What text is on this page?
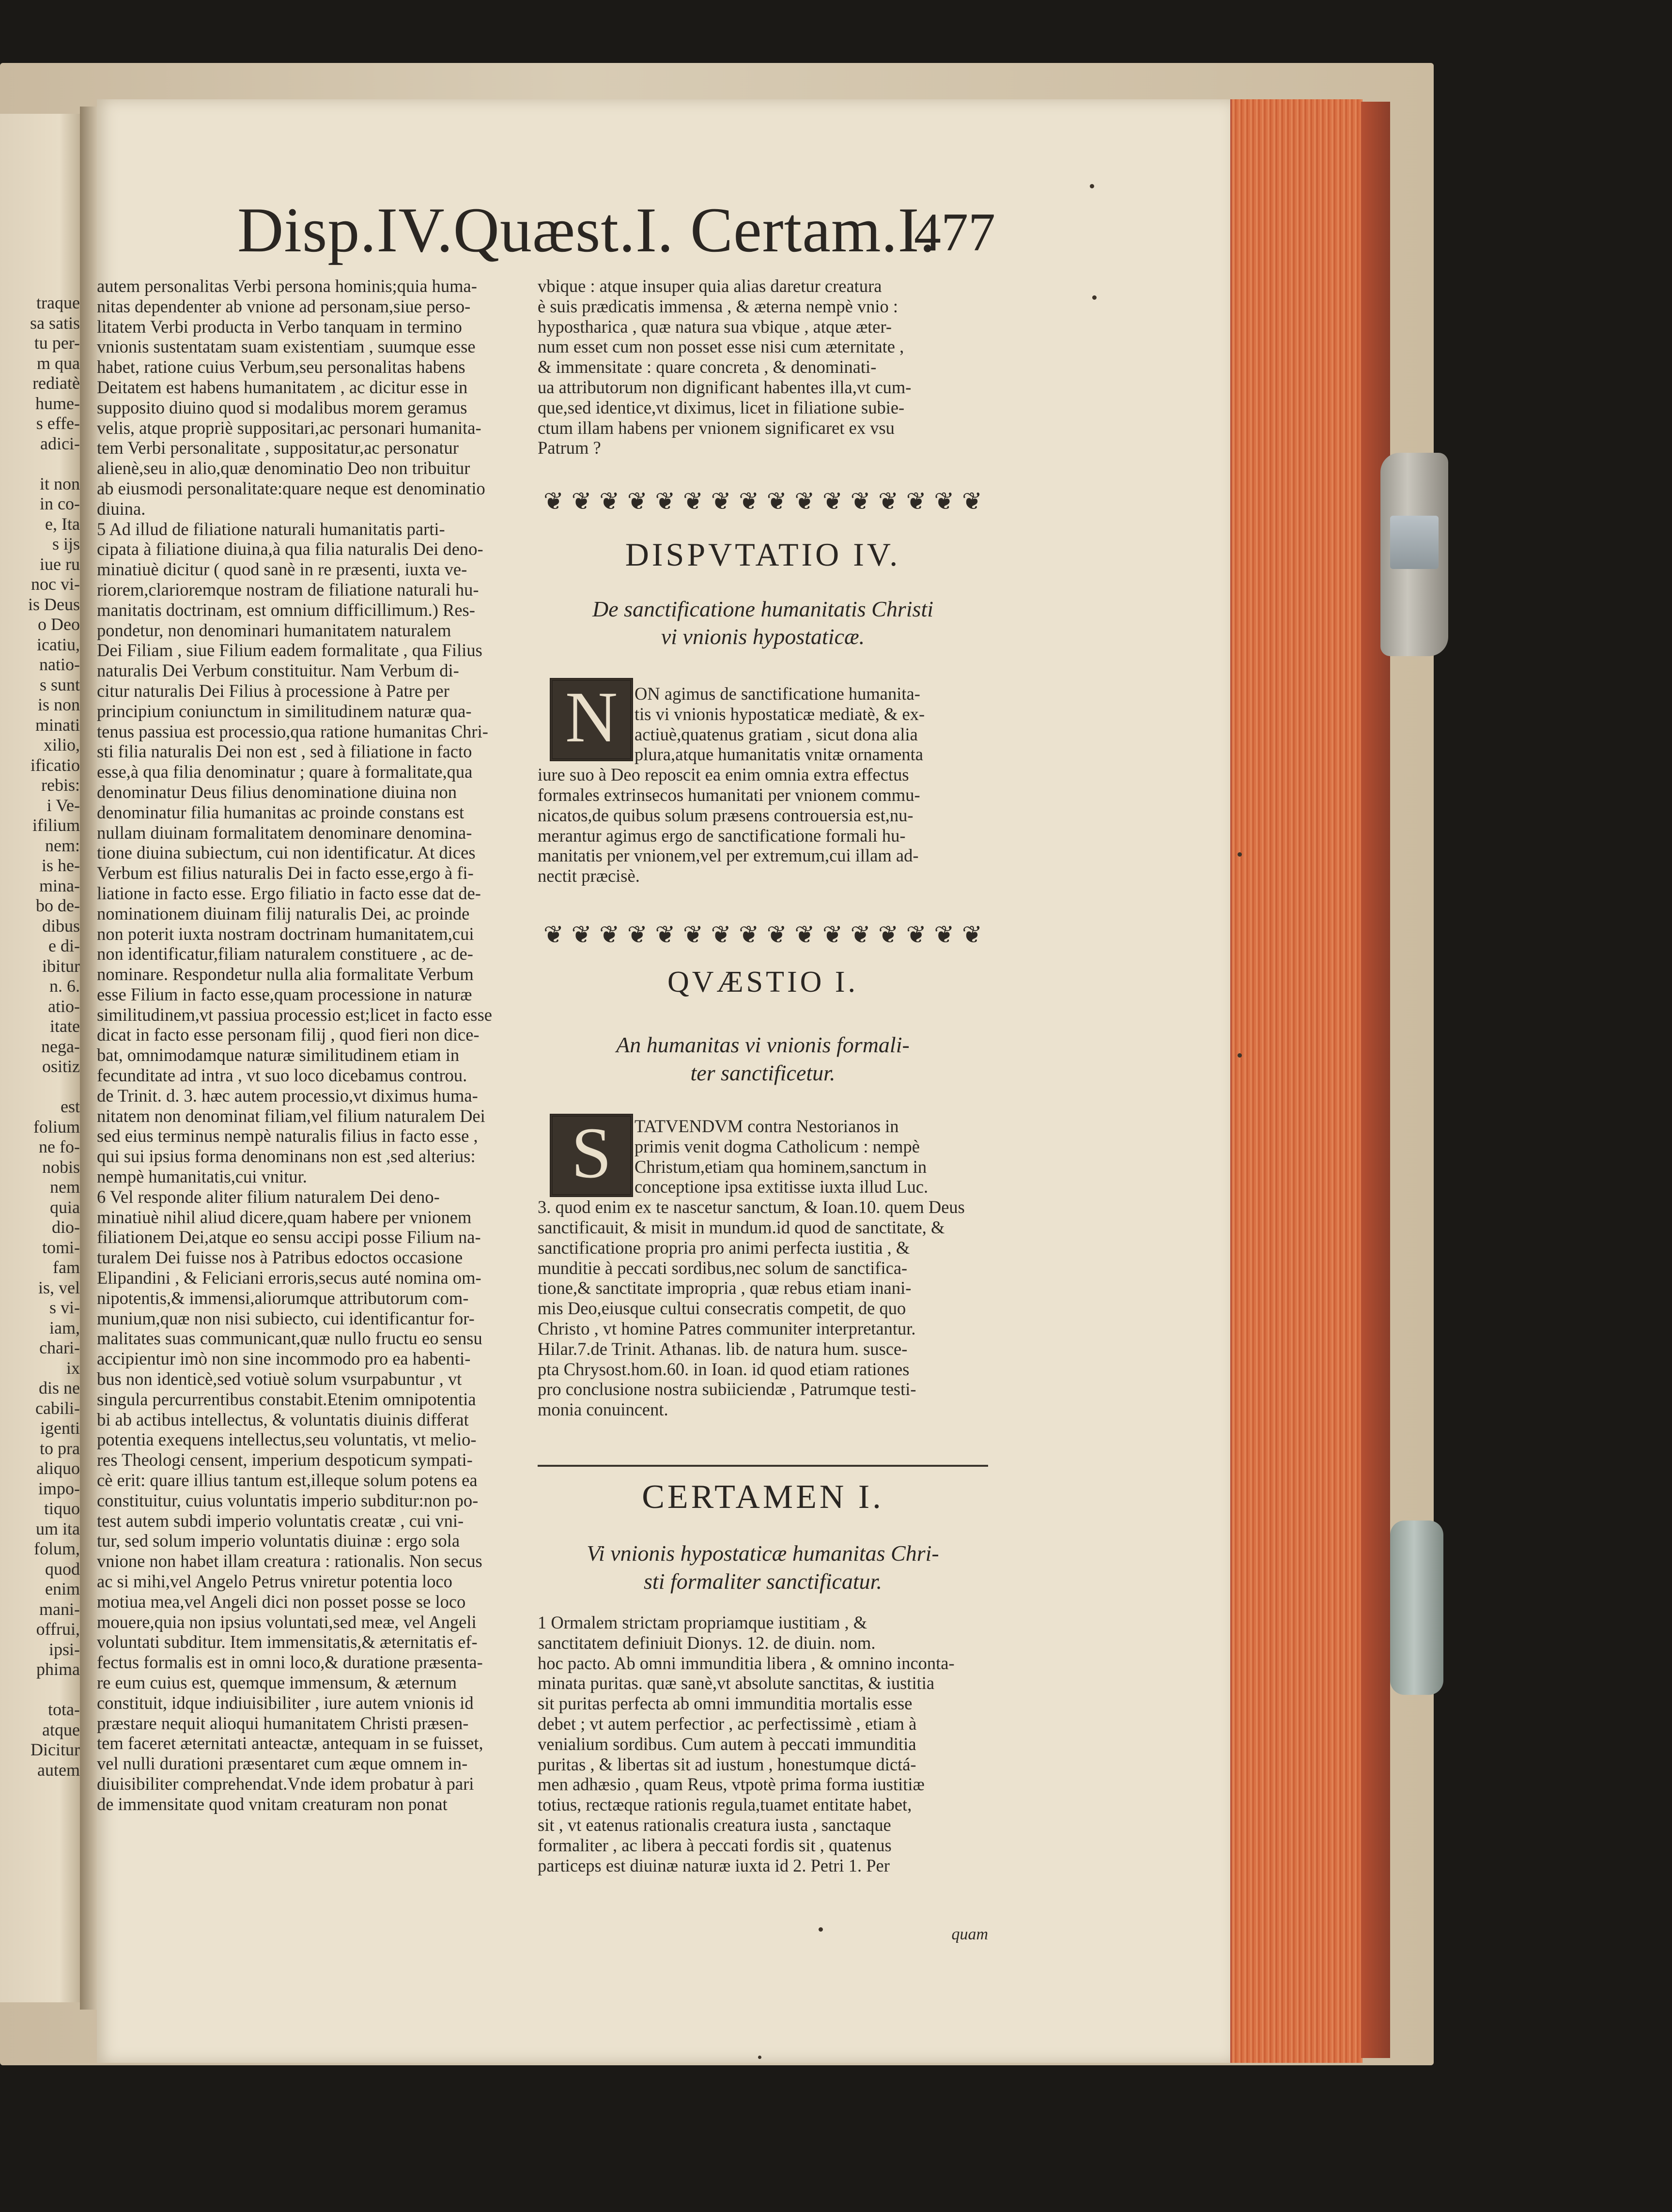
traque
sa satis
tu per-
m qua
rediatè
hume-
s effe-
adici-
it non
in co-
e, Ita
s ijs
iue ru
noc vi-
is Deus
o Deo
icatiu,
natio-
s sunt
is non
minati
xilio,
ificatio
rebis:
i Ve-
ifilium
nem:
is he-
mina-
bo de-
dibus
e di-
ibitur
n. 6.
atio-
itate
nega-
ositiz
est
folium
ne fo-
nobis
nem
quia
dio-
tomi-
fam
is, vel
s vi-
iam,
chari-
ix
dis ne
cabili-
igenti
to pra
aliquo
impo-
tiquo
um ita
folum,
quod
enim
mani-
offrui,
ipsi-
phima
tota-
atque
Dicitur
autem
Disp.IV.Quæst.I. Certam.I.
477
autem personalitas Verbi persona hominis;quia huma-
nitas dependenter ab vnione ad personam,siue perso-
litatem Verbi producta in Verbo tanquam in termino
vnionis sustentatam suam existentiam , suumque esse
habet, ratione cuius Verbum,seu personalitas habens
Deitatem est habens humanitatem , ac dicitur esse in
supposito diuino quod si modalibus morem geramus
velis, atque propriè suppositari,ac personari humanita-
tem Verbi personalitate , suppositatur,ac personatur
alienè,seu in alio,quæ denominatio Deo non tribuitur
ab eiusmodi personalitate:quare neque est denominatio
diuina.
5 Ad illud de filiatione naturali humanitatis parti-
cipata à filiatione diuina,à qua filia naturalis Dei deno-
minatiuè dicitur ( quod sanè in re præsenti, iuxta ve-
riorem,clarioremque nostram de filiatione naturali hu-
manitatis doctrinam, est omnium difficillimum.) Res-
pondetur, non denominari humanitatem naturalem
Dei Filiam , siue Filium eadem formalitate , qua Filius
naturalis Dei Verbum constituitur. Nam Verbum di-
citur naturalis Dei Filius à processione à Patre per
principium coniunctum in similitudinem naturæ qua-
tenus passiua est processio,qua ratione humanitas Chri-
sti filia naturalis Dei non est , sed à filiatione in facto
esse,à qua filia denominatur ; quare à formalitate,qua
denominatur Deus filius denominatione diuina non
denominatur filia humanitas ac proinde constans est
nullam diuinam formalitatem denominare denomina-
tione diuina subiectum, cui non identificatur. At dices
Verbum est filius naturalis Dei in facto esse,ergo à fi-
liatione in facto esse. Ergo filiatio in facto esse dat de-
nominationem diuinam filij naturalis Dei, ac proinde
non poterit iuxta nostram doctrinam humanitatem,cui
non identificatur,filiam naturalem constituere , ac de-
nominare. Respondetur nulla alia formalitate Verbum
esse Filium in facto esse,quam processione in naturæ
similitudinem,vt passiua processio est;licet in facto esse
dicat in facto esse personam filij , quod fieri non dice-
bat, omnimodamque naturæ similitudinem etiam in
fecunditate ad intra , vt suo loco dicebamus controu.
de Trinit. d. 3. hæc autem processio,vt diximus huma-
nitatem non denominat filiam,vel filium naturalem Dei
sed eius terminus nempè naturalis filius in facto esse ,
qui sui ipsius forma denominans non est ,sed alterius:
nempè humanitatis,cui vnitur.
6 Vel responde aliter filium naturalem Dei deno-
minatiuè nihil aliud dicere,quam habere per vnionem
filiationem Dei,atque eo sensu accipi posse Filium na-
turalem Dei fuisse nos à Patribus edoctos occasione
Elipandini , & Feliciani erroris,secus auté nomina om-
nipotentis,& immensi,aliorumque attributorum com-
munium,quæ non nisi subiecto, cui identificantur for-
malitates suas communicant,quæ nullo fructu eo sensu
accipientur imò non sine incommodo pro ea habenti-
bus non identicè,sed votiuè solum vsurpabuntur , vt
singula percurrentibus constabit.Etenim omnipotentia
bi ab actibus intellectus, & voluntatis diuinis differat
potentia exequens intellectus,seu voluntatis, vt melio-
res Theologi censent, imperium despoticum sympati-
cè erit: quare illius tantum est,illeque solum potens ea
constituitur, cuius voluntatis imperio subditur:non po-
test autem subdi imperio voluntatis creatæ , cui vni-
tur, sed solum imperio voluntatis diuinæ : ergo sola
vnione non habet illam creatura : rationalis. Non secus
ac si mihi,vel Angelo Petrus vniretur potentia loco
motiua mea,vel Angeli dici non posset posse se loco
mouere,quia non ipsius voluntati,sed meæ, vel Angeli
voluntati subditur. Item immensitatis,& æternitatis ef-
fectus formalis est in omni loco,& duratione præsenta-
re eum cuius est, quemque immensum, & æternum
constituit, idque indiuisibiliter , iure autem vnionis id
præstare nequit alioqui humanitatem Christi præsen-
tem faceret æternitati anteactæ, antequam in se fuisset,
vel nulli durationi præsentaret cum æque omnem in-
diuisibiliter comprehendat.Vnde idem probatur à pari
de immensitate quod vnitam creaturam non ponat
vbique : atque insuper quia alias daretur creatura
è suis prædicatis immensa , & æterna nempè vnio :
hypostharica , quæ natura sua vbique , atque æter-
num esset cum non posset esse nisi cum æternitate ,
& immensitate : quare concreta , & denominati-
ua attributorum non dignificant habentes illa,vt cum-
que,sed identice,vt diximus, licet in filiatione subie-
ctum illam habens per vnionem significaret ex vsu
Patrum ?
❦ ❦ ❦ ❦ ❦ ❦ ❦ ❦ ❦ ❦ ❦ ❦ ❦ ❦ ❦ ❦
DISPVTATIO IV.
De sanctificatione humanitatis Christi
vi vnionis hypostaticæ.
N ON agimus de sanctificatione humanita-
tis vi vnionis hypostaticæ mediatè, & ex-
actiuè,quatenus gratiam , sicut dona alia
plura,atque humanitatis vnitæ ornamenta
iure suo à Deo reposcit ea enim omnia extra effectus
formales extrinsecos humanitati per vnionem commu-
nicatos,de quibus solum præsens controuersia est,nu-
merantur agimus ergo de sanctificatione formali hu-
manitatis per vnionem,vel per extremum,cui illam ad-
nectit præcisè.
❦ ❦ ❦ ❦ ❦ ❦ ❦ ❦ ❦ ❦ ❦ ❦ ❦ ❦ ❦ ❦
QVÆSTIO I.
An humanitas vi vnionis formali-
ter sanctificetur.
S	TATVENDVM contra Nestorianos in
primis venit dogma Catholicum : nempè
Christum,etiam qua hominem,sanctum in
conceptione ipsa extitisse iuxta illud Luc.
3. quod enim ex te nascetur sanctum, & Ioan.10. quem Deus
sanctificauit, & misit in mundum.id quod de sanctitate, &
sanctificatione propria pro animi perfecta iustitia , &
munditie à peccati sordibus,nec solum de sanctifica-
tione,& sanctitate impropria , quæ rebus etiam inani-
mis Deo,eiusque cultui consecratis competit, de quo
Christo , vt homine Patres communiter interpretantur.
Hilar.7.de Trinit. Athanas. lib. de natura hum. susce-
pta Chrysost.hom.60. in Ioan. id quod etiam rationes
pro conclusione nostra subiiciendæ , Patrumque testi-
monia conuincent.
CERTAMEN I.
Vi vnionis hypostaticæ humanitas Chri-
sti formaliter sanctificatur.
1 Ormalem strictam propriamque iustitiam , &
sanctitatem definiuit Dionys. 12. de diuin. nom.
hoc pacto. Ab omni immunditia libera , & omnino inconta-
minata puritas. quæ sanè,vt absolute sanctitas, & iustitia
sit puritas perfecta ab omni immunditia mortalis esse
debet ; vt autem perfectior , ac perfectissimè , etiam à
venialium sordibus. Cum autem à peccati immunditia
puritas , & libertas sit ad iustum , honestumque dictá-
men adhæsio , quam Reus, vtpotè prima forma iustitiæ
totius, rectæque rationis regula,tuamet entitate habet,
sit , vt eatenus rationalis creatura iusta , sanctaque
formaliter , ac libera à peccati fordis sit , quatenus
particeps est diuinæ naturæ iuxta id 2. Petri 1. Per
quam
